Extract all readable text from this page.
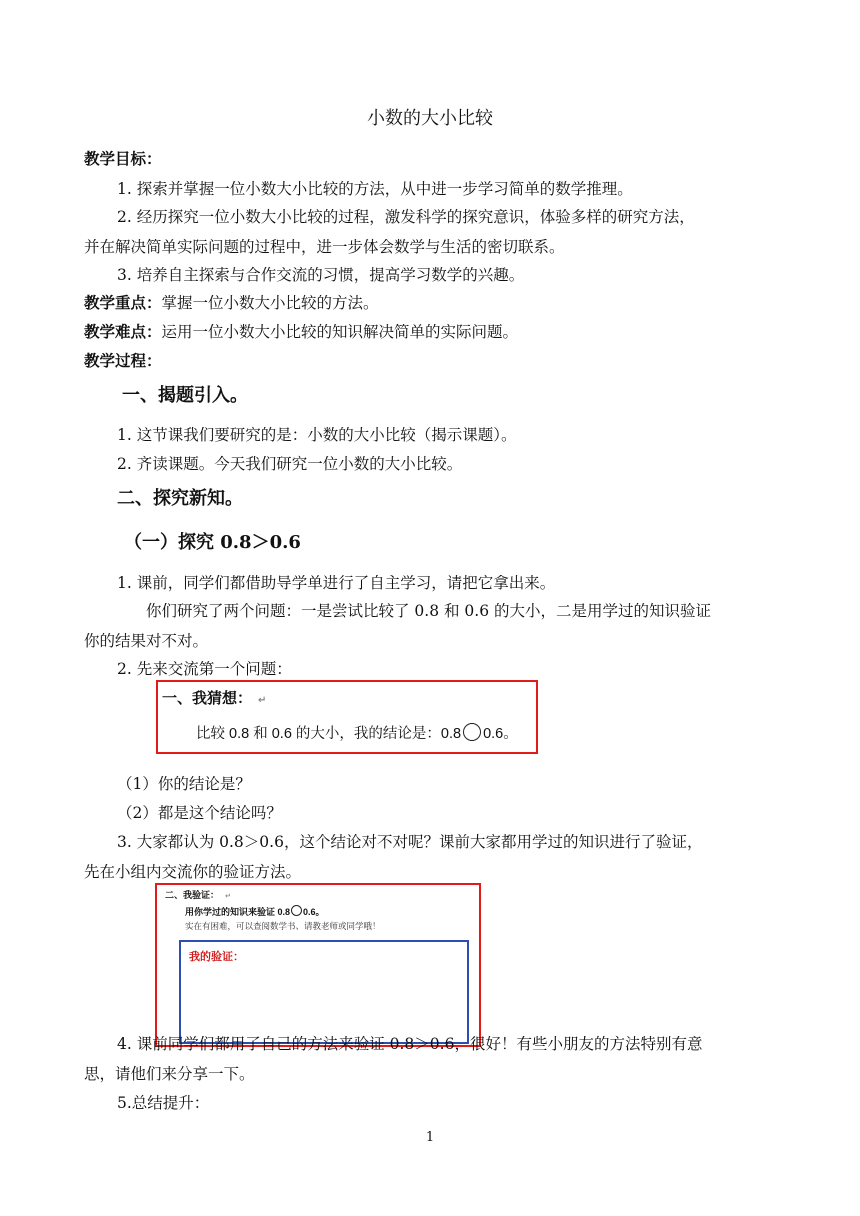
小数的大小比较
教学目标：
1. 探索并掌握一位小数大小比较的方法，从中进一步学习简单的数学推理。
2. 经历探究一位小数大小比较的过程，激发科学的探究意识，体验多样的研究方法，
并在解决简单实际问题的过程中，进一步体会数学与生活的密切联系。
3. 培养自主探索与合作交流的习惯，提高学习数学的兴趣。
教学重点：掌握一位小数大小比较的方法。
教学难点：运用一位小数大小比较的知识解决简单的实际问题。
教学过程：
一、揭题引入。
1. 这节课我们要研究的是：小数的大小比较（揭示课题）。
2. 齐读课题。今天我们研究一位小数的大小比较。
二、探究新知。
（一）探究 0.8＞0.6
1. 课前，同学们都借助导学单进行了自主学习，请把它拿出来。
你们研究了两个问题：一是尝试比较了 0.8 和 0.6 的大小，二是用学过的知识验证
你的结果对不对。
2. 先来交流第一个问题：
一、我猜想： ↵
比较 0.8 和 0.6 的大小，我的结论是：0.8 0.6。
（1）你的结论是？
（2）都是这个结论吗？
3. 大家都认为 0.8＞0.6，这个结论对不对呢？课前大家都用学过的知识进行了验证，
先在小组内交流你的验证方法。
二、我验证： ↵
用你学过的知识来验证 0.8 0.6。
实在有困难，可以查阅数学书、请教老师或同学哦！
我的验证：
4. 课前同学们都用了自己的方法来验证 0.8＞0.6，很好！有些小朋友的方法特别有意
思，请他们来分享一下。
5.总结提升：
1
